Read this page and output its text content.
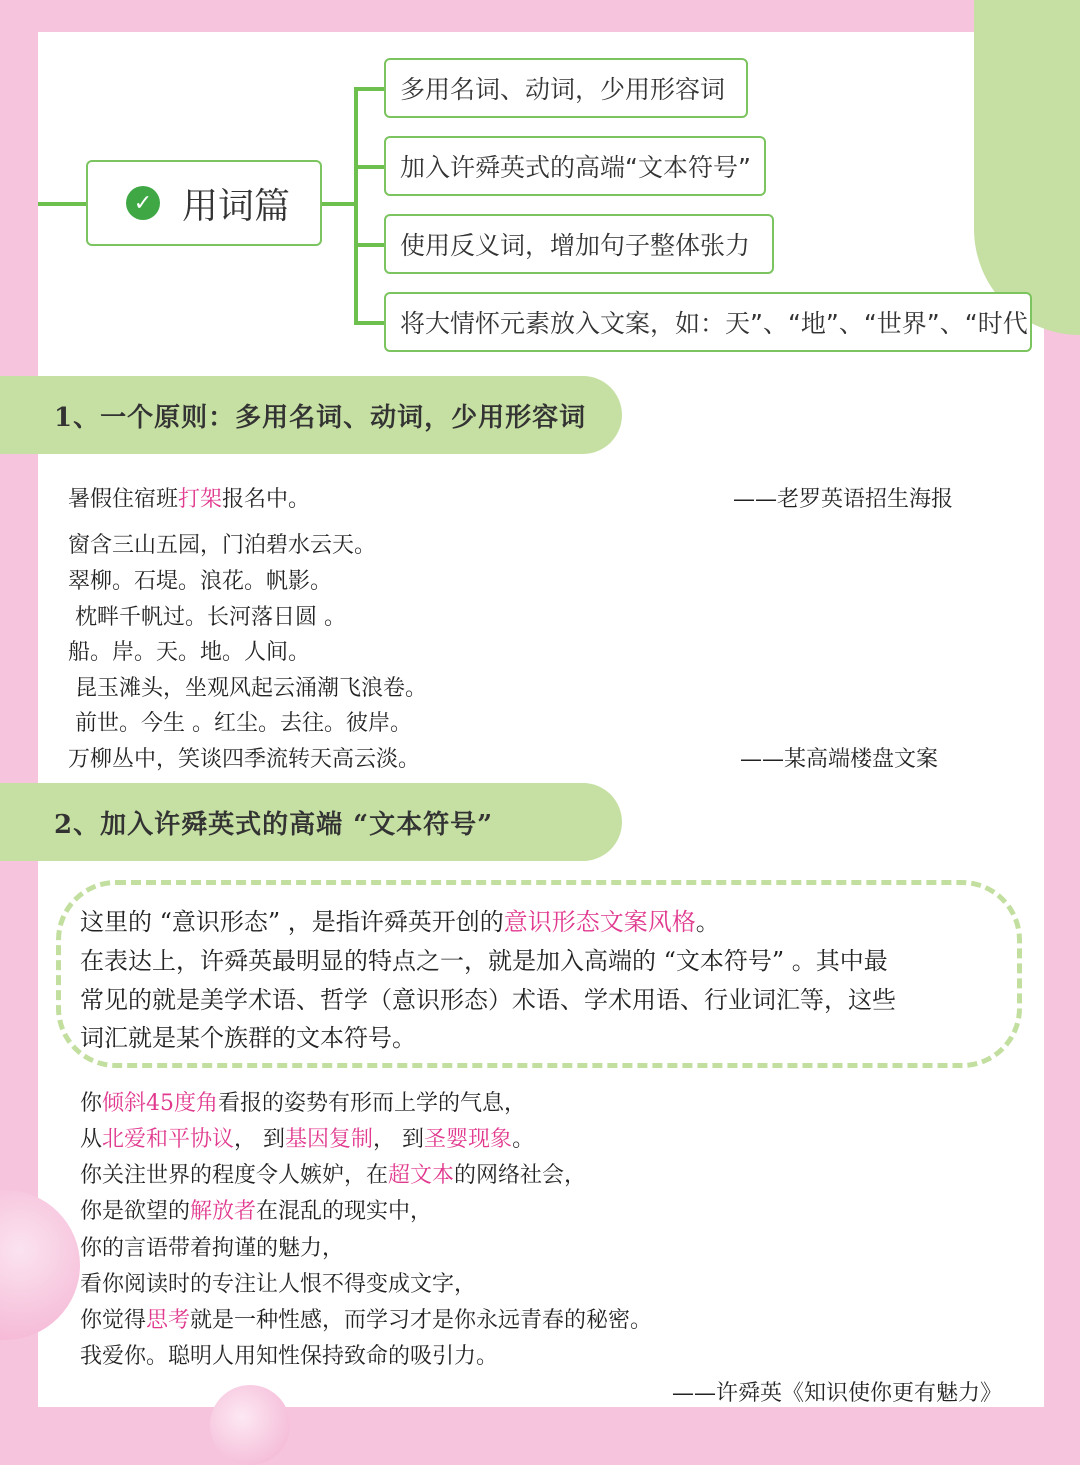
✓ 用词篇
多用名词、动词，少用形容词
加入许舜英式的高端“文本符号”
使用反义词，增加句子整体张力
将大情怀元素放入文案，如：天”、“地”、“世界”、“时代
1、一个原则：多用名词、动词，少用形容词
暑假住宿班打架报名中。	——老罗英语招生海报
窗含三山五园，门泊碧水云天。
翠柳。石堤。浪花。帆影。
枕畔千帆过。长河落日圆 。
船。岸。天。地。人间。
昆玉滩头，坐观风起云涌潮飞浪卷。
前世。今生 。红尘。去往。彼岸。
万柳丛中，笑谈四季流转天高云淡。	——某高端楼盘文案
2、加入许舜英式的高端 “文本符号”
这里的 “意识形态” ，是指许舜英开创的意识形态文案风格。
在表达上，许舜英最明显的特点之一，就是加入高端的 “文本符号” 。其中最
常见的就是美学术语、哲学（意识形态）术语、学术用语、行业词汇等，这些
词汇就是某个族群的文本符号。
你倾斜45度角看报的姿势有形而上学的气息，
从北爱和平协议， 到基因复制， 到圣婴现象。
你关注世界的程度令人嫉妒，在超文本的网络社会，
你是欲望的解放者在混乱的现实中，
你的言语带着拘谨的魅力，
看你阅读时的专注让人恨不得变成文字，
你觉得思考就是一种性感，而学习才是你永远青春的秘密。
我爱你。聪明人用知性保持致命的吸引力。
——许舜英《知识使你更有魅力》
